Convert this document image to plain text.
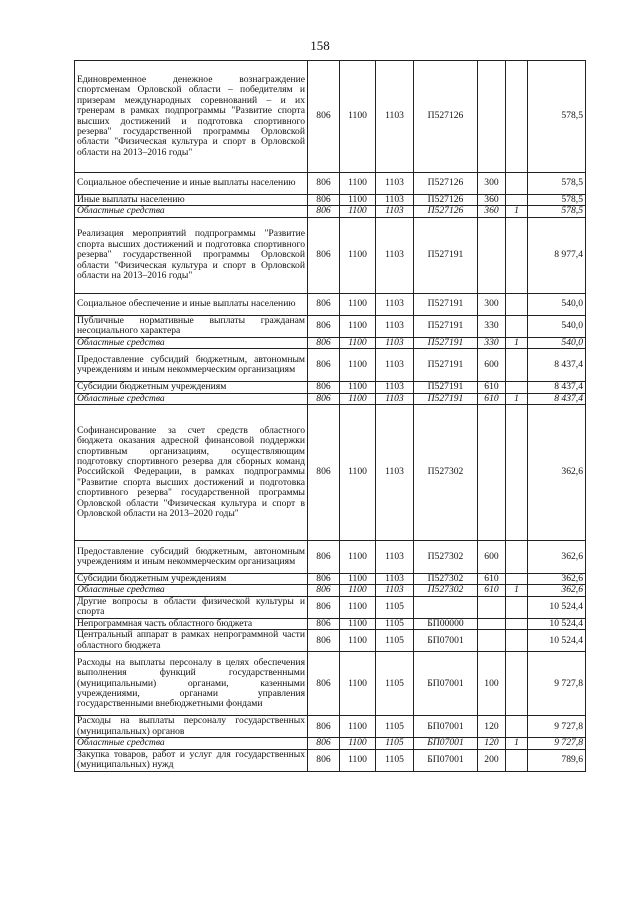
158
Единовременное денежное вознаграждение спортсменам Орловской области – победителям и призерам международных соревнований – и их тренерам в рамках подпрограммы "Развитие спорта высших достижений и подготовка спортивного резерва" государственной программы Орловской области "Физическая культура и спорт в Орловской области на 2013–2016 годы"	806	1100	1103	П527126			578,5
Социальное обеспечение и иные выплаты населению	806	1100	1103	П527126	300		578,5
Иные выплаты населению	806	1100	1103	П527126	360		578,5
Областные средства	806	1100	1103	П527126	360	1	578,5
Реализация мероприятий подпрограммы "Развитие спорта высших достижений и подготовка спортивного резерва" государственной программы Орловской области "Физическая культура и спорт в Орловской области на 2013–2016 годы"	806	1100	1103	П527191			8 977,4
Социальное обеспечение и иные выплаты населению	806	1100	1103	П527191	300		540,0
Публичные нормативные выплаты гражданам несоциального характера	806	1100	1103	П527191	330		540,0
Областные средства	806	1100	1103	П527191	330	1	540,0
Предоставление субсидий бюджетным, автономным учреждениям и иным некоммерческим организациям	806	1100	1103	П527191	600		8 437,4
Субсидии бюджетным учреждениям	806	1100	1103	П527191	610		8 437,4
Областные средства	806	1100	1103	П527191	610	1	8 437,4
Софинансирование за счет средств областного бюджета оказания адресной финансовой поддержки спортивным организациям, осуществляющим подготовку спортивного резерва для сборных команд Российской Федерации, в рамках подпрограммы "Развитие спорта высших достижений и подготовка спортивного резерва" государственной программы Орловской области "Физическая культура и спорт в Орловской области на 2013–2020 годы"	806	1100	1103	П527302			362,6
Предоставление субсидий бюджетным, автономным учреждениям и иным некоммерческим организациям	806	1100	1103	П527302	600		362,6
Субсидии бюджетным учреждениям	806	1100	1103	П527302	610		362,6
Областные средства	806	1100	1103	П527302	610	1	362,6
Другие вопросы в области физической культуры и спорта	806	1100	1105				10 524,4
Непрограммная часть областного бюджета	806	1100	1105	БП00000			10 524,4
Центральный аппарат в рамках непрограммной части областного бюджета	806	1100	1105	БП07001			10 524,4
Расходы на выплаты персоналу в целях обеспечения выполнения функций государственными (муниципальными) органами, казенными учреждениями, органами управления государственными внебюджетными фондами	806	1100	1105	БП07001	100		9 727,8
Расходы на выплаты персоналу государственных (муниципальных) органов	806	1100	1105	БП07001	120		9 727,8
Областные средства	806	1100	1105	БП07001	120	1	9 727,8
Закупка товаров, работ и услуг для государственных (муниципальных) нужд	806	1100	1105	БП07001	200		789,6
